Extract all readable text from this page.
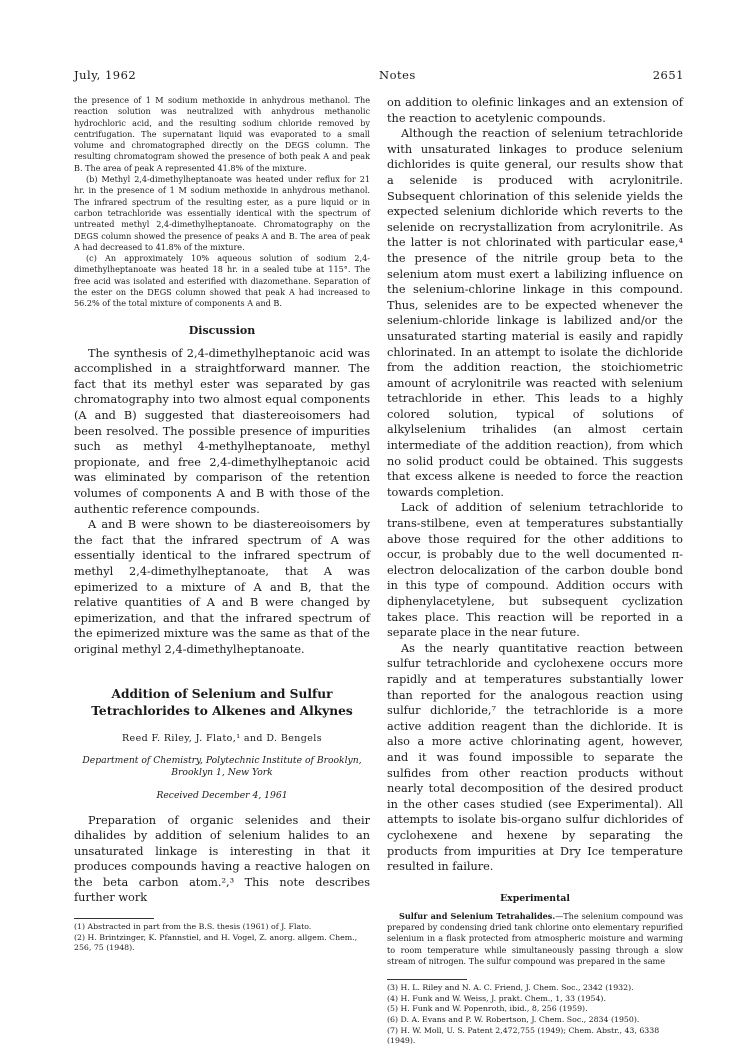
July, 1962	Notes	2651

the presence of 1 M sodium methoxide in anhydrous methanol. The reaction solution was neutralized with anhydrous methanolic hydrochloric acid, and the resulting sodium chloride removed by centrifugation. The supernatant liquid was evaporated to a small volume and chromatographed directly on the DEGS column. The resulting chromatogram showed the presence of both peak A and peak B. The area of peak A represented 41.8% of the mixture.

(b) Methyl 2,4-dimethylheptanoate was heated under reflux for 21 hr. in the presence of 1 M sodium methoxide in anhydrous methanol. The infrared spectrum of the resulting ester, as a pure liquid or in carbon tetrachloride was essentially identical with the spectrum of untreated methyl 2,4-dimethylheptanoate. Chromatography on the DEGS column showed the presence of peaks A and B. The area of peak A had decreased to 41.8% of the mixture.

(c) An approximately 10% aqueous solution of sodium 2,4-dimethylheptanoate was heated 18 hr. in a sealed tube at 115°. The free acid was isolated and esterified with diazomethane. Separation of the ester on the DEGS column showed that peak A had increased to 56.2% of the total mixture of components A and B.

Discussion

The synthesis of 2,4-dimethylheptanoic acid was accomplished in a straightforward manner. The fact that its methyl ester was separated by gas chromatography into two almost equal components (A and B) suggested that diastereoisomers had been resolved. The possible presence of impurities such as methyl 4-methylheptanoate, methyl propionate, and free 2,4-dimethylheptanoic acid was eliminated by comparison of the retention volumes of components A and B with those of the authentic reference compounds.

A and B were shown to be diastereoisomers by the fact that the infrared spectrum of A was essentially identical to the infrared spectrum of methyl 2,4-dimethylheptanoate, that A was epimerized to a mixture of A and B, that the relative quantities of A and B were changed by epimerization, and that the infrared spectrum of the epimerized mixture was the same as that of the original methyl 2,4-dimethylheptanoate.

Addition of Selenium and Sulfur
Tetrachlorides to Alkenes and Alkynes
Reed F. Riley, J. Flato,¹ and D. Bengels
Department of Chemistry, Polytechnic Institute of Brooklyn,
Brooklyn 1, New York
Received December 4, 1961

Preparation of organic selenides and their dihalides by addition of selenium halides to an unsaturated linkage is interesting in that it produces compounds having a reactive halogen on the beta carbon atom.²,³ This note describes further work

(1) Abstracted in part from the B.S. thesis (1961) of J. Flato.

(2) H. Brintzinger, K. Pfannstiel, and H. Vogel, Z. anorg. allgem. Chem., 256, 75 (1948).

on addition to olefinic linkages and an extension of the reaction to acetylenic compounds.

Although the reaction of selenium tetrachloride with unsaturated linkages to produce selenium dichlorides is quite general, our results show that a selenide is produced with acrylonitrile. Subsequent chlorination of this selenide yields the expected selenium dichloride which reverts to the selenide on recrystallization from acrylonitrile. As the latter is not chlorinated with particular ease,⁴ the presence of the nitrile group beta to the selenium atom must exert a labilizing influence on the selenium-chlorine linkage in this compound. Thus, selenides are to be expected whenever the selenium-chloride linkage is labilized and/or the unsaturated starting material is easily and rapidly chlorinated. In an attempt to isolate the dichloride from the addition reaction, the stoichiometric amount of acrylonitrile was reacted with selenium tetrachloride in ether. This leads to a highly colored solution, typical of solutions of alkylselenium trihalides (an almost certain intermediate of the addition reaction), from which no solid product could be obtained. This suggests that excess alkene is needed to force the reaction towards completion.

Lack of addition of selenium tetrachloride to trans-stilbene, even at temperatures substantially above those required for the other additions to occur, is probably due to the well documented π-electron delocalization of the carbon double bond in this type of compound. Addition occurs with diphenylacetylene, but subsequent cyclization takes place. This reaction will be reported in a separate place in the near future.

As the nearly quantitative reaction between sulfur tetrachloride and cyclohexene occurs more rapidly and at temperatures substantially lower than reported for the analogous reaction using sulfur dichloride,⁷ the tetrachloride is a more active addition reagent than the dichloride. It is also a more active chlorinating agent, however, and it was found impossible to separate the sulfides from other reaction products without nearly total decomposition of the desired product in the other cases studied (see Experimental). All attempts to isolate bis-organo sulfur dichlorides of cyclohexene and hexene by separating the products from impurities at Dry Ice temperature resulted in failure.

Experimental

Sulfur and Selenium Tetrahalides.—The selenium compound was prepared by condensing dried tank chlorine onto elementary repurified selenium in a flask protected from atmospheric moisture and warming to room temperature while simultaneously passing through a slow stream of nitrogen. The sulfur compound was prepared in the same

(3) H. L. Riley and N. A. C. Friend, J. Chem. Soc., 2342 (1932).

(4) H. Funk and W. Weiss, J. prakt. Chem., 1, 33 (1954).

(5) H. Funk and W. Popenroth, ibid., 8, 256 (1959).

(6) D. A. Evans and P. W. Robertson, J. Chem. Soc., 2834 (1950).

(7) H. W. Moll, U. S. Patent 2,472,755 (1949); Chem. Abstr., 43, 6338 (1949).
